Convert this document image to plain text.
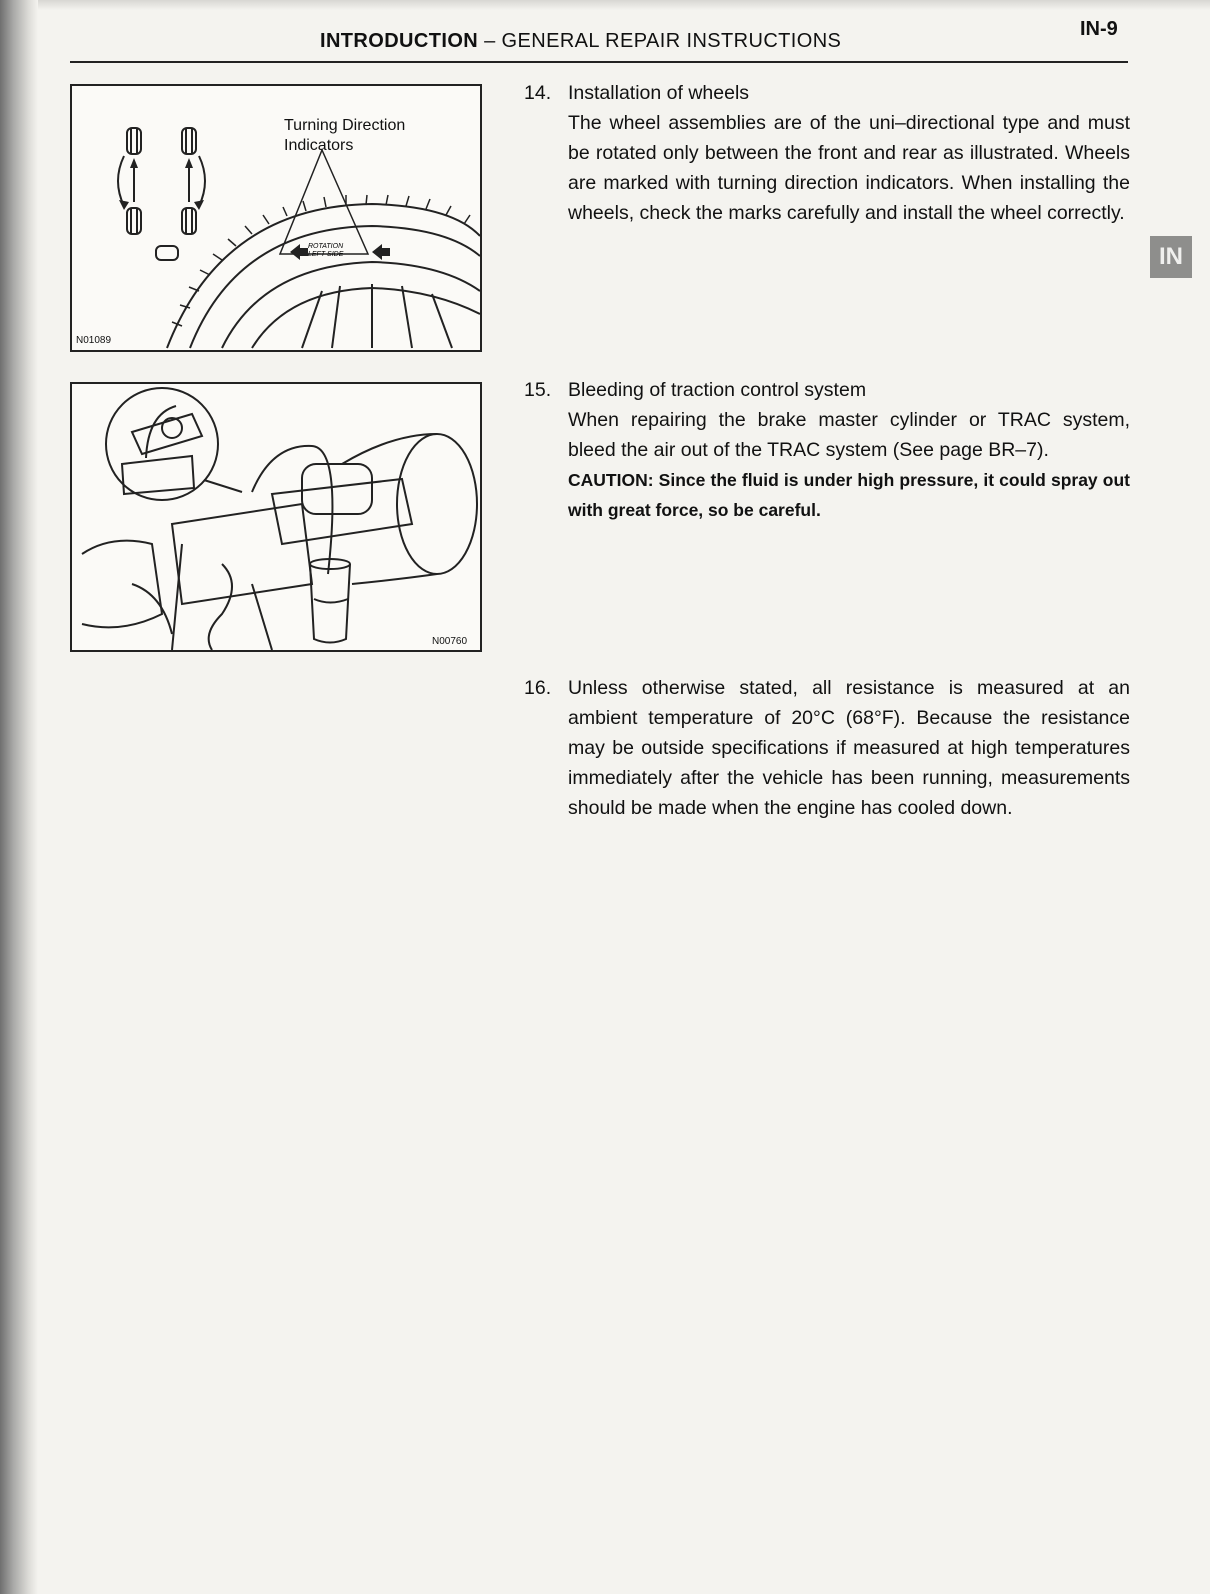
INTRODUCTION – GENERAL REPAIR INSTRUCTIONS
IN-9
IN
ROTATION
LEFT SIDE
Turning Direction
Indicators
N01089
N00760
14. Installation of wheels

The wheel assemblies are of the uni–directional type and must be rotated only between the front and rear as illustrated. Wheels are marked with turning direction indicators. When installing the wheels, check the marks carefully and install the wheel correctly.

15. Bleeding of traction control system

When repairing the brake master cylinder or TRAC system, bleed the air out of the TRAC system (See page BR–7).

CAUTION: Since the fluid is under high pressure, it could spray out with great force, so be careful.

16. Unless otherwise stated, all resistance is measured at an ambient temperature of 20°C (68°F). Because the resistance may be outside specifications if measured at high temperatures immediately after the vehicle has been running, measurements should be made when the engine has cooled down.
